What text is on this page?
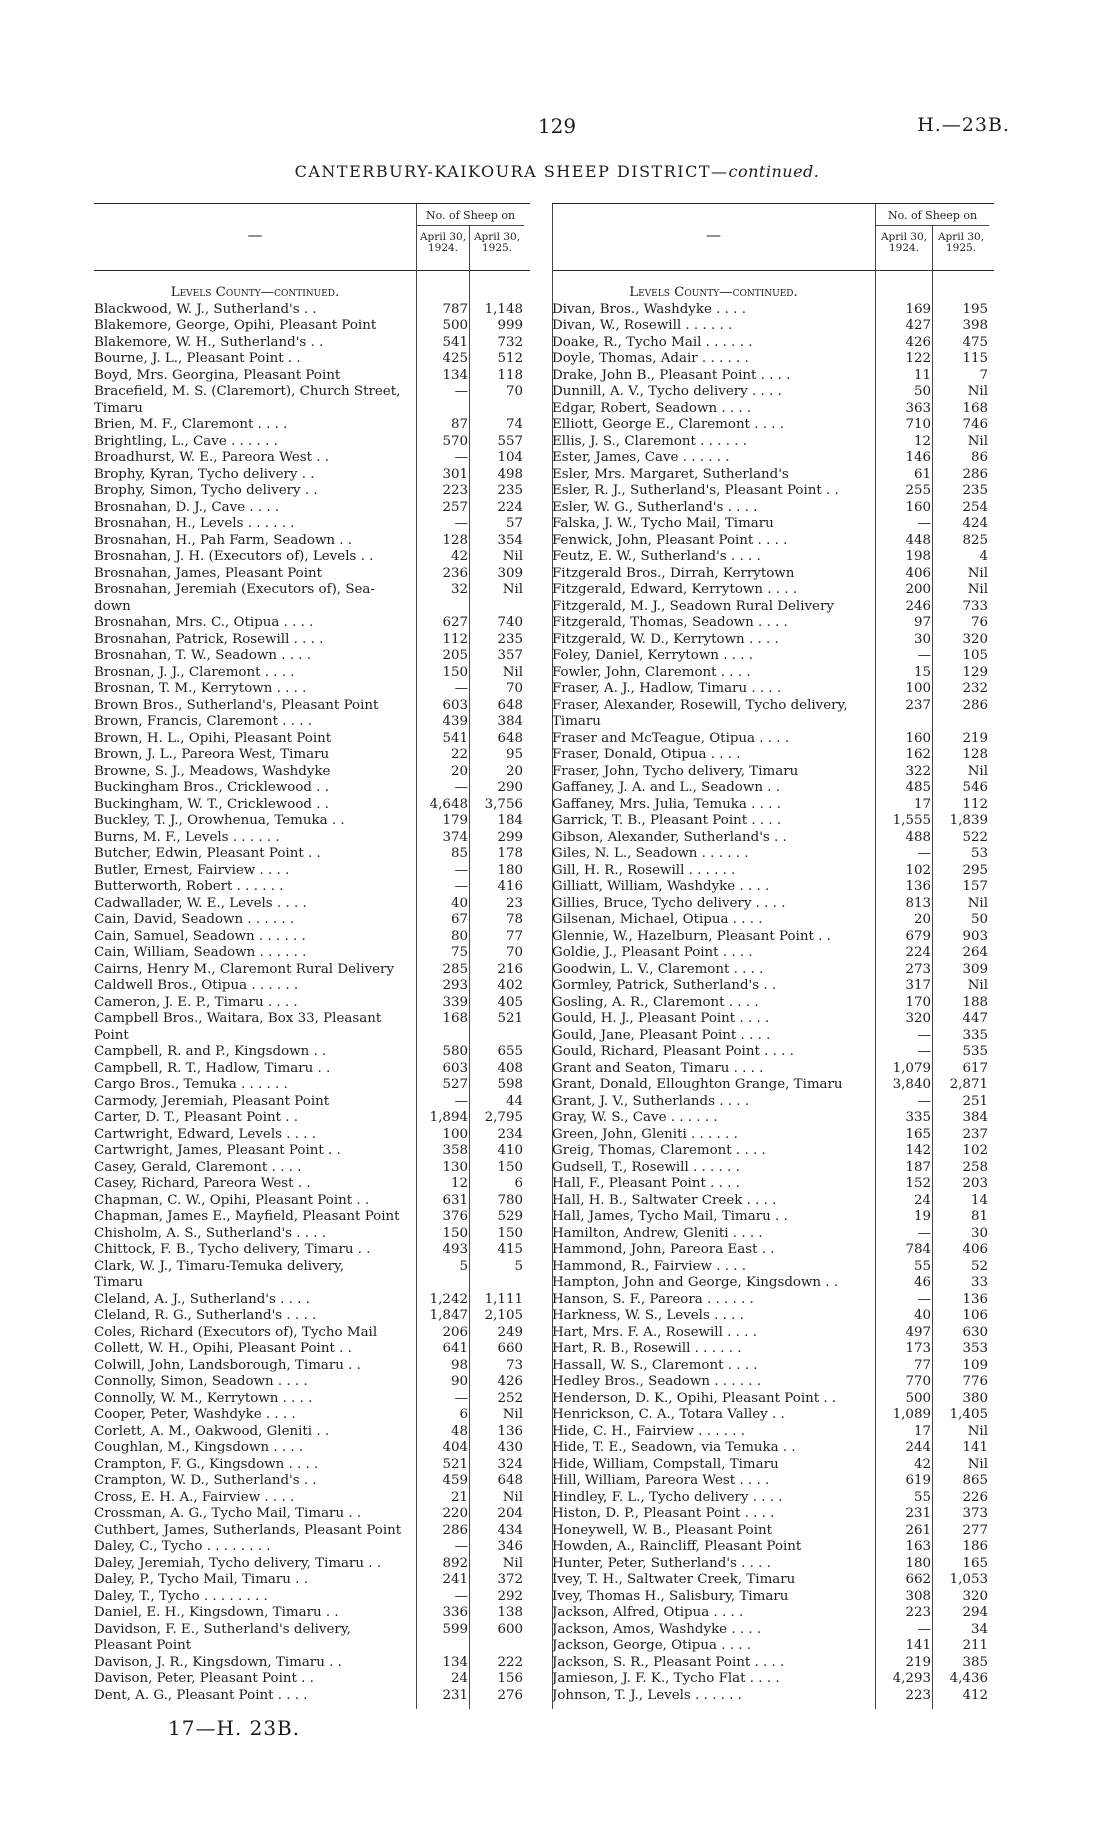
129	H.—23B.
CANTERBURY-KAIKOURA SHEEP DISTRICT—continued.
—
No. of Sheep on
April 30, 1924.
April 30, 1925.
Levels County—continued.
Blackwood, W. J., Sutherland's . .	787	1,148
Blakemore, George, Opihi, Pleasant Point	500	999
Blakemore, W. H., Sutherland's . .	541	732
Bourne, J. L., Pleasant Point . .	425	512
Boyd, Mrs. Georgina, Pleasant Point	134	118
Bracefield, M. S. (Claremort), Church Street,	—	70
Timaru
Brien, M. F., Claremont . . . .	87	74
Brightling, L., Cave . . . . . .	570	557
Broadhurst, W. E., Pareora West . .	—	104
Brophy, Kyran, Tycho delivery . .	301	498
Brophy, Simon, Tycho delivery . .	223	235
Brosnahan, D. J., Cave . . . .	257	224
Brosnahan, H., Levels . . . . . .	—	57
Brosnahan, H., Pah Farm, Seadown . .	128	354
Brosnahan, J. H. (Executors of), Levels . .	42	Nil
Brosnahan, James, Pleasant Point	236	309
Brosnahan, Jeremiah (Executors of), Sea-	32	Nil
down
Brosnahan, Mrs. C., Otipua . . . .	627	740
Brosnahan, Patrick, Rosewill . . . .	112	235
Brosnahan, T. W., Seadown . . . .	205	357
Brosnan, J. J., Claremont . . . .	150	Nil
Brosnan, T. M., Kerrytown . . . .	—	70
Brown Bros., Sutherland's, Pleasant Point	603	648
Brown, Francis, Claremont . . . .	439	384
Brown, H. L., Opihi, Pleasant Point	541	648
Brown, J. L., Pareora West, Timaru	22	95
Browne, S. J., Meadows, Washdyke	20	20
Buckingham Bros., Cricklewood . .	—	290
Buckingham, W. T., Cricklewood . .	4,648	3,756
Buckley, T. J., Orowhenua, Temuka . .	179	184
Burns, M. F., Levels . . . . . .	374	299
Butcher, Edwin, Pleasant Point . .	85	178
Butler, Ernest, Fairview . . . .	—	180
Butterworth, Robert . . . . . .	—	416
Cadwallader, W. E., Levels . . . .	40	23
Cain, David, Seadown . . . . . .	67	78
Cain, Samuel, Seadown . . . . . .	80	77
Cain, William, Seadown . . . . . .	75	70
Cairns, Henry M., Claremont Rural Delivery	285	216
Caldwell Bros., Otipua . . . . . .	293	402
Cameron, J. E. P., Timaru . . . .	339	405
Campbell Bros., Waitara, Box 33, Pleasant	168	521
Point
Campbell, R. and P., Kingsdown . .	580	655
Campbell, R. T., Hadlow, Timaru . .	603	408
Cargo Bros., Temuka . . . . . .	527	598
Carmody, Jeremiah, Pleasant Point	—	44
Carter, D. T., Pleasant Point . .	1,894	2,795
Cartwright, Edward, Levels . . . .	100	234
Cartwright, James, Pleasant Point . .	358	410
Casey, Gerald, Claremont . . . .	130	150
Casey, Richard, Pareora West . .	12	6
Chapman, C. W., Opihi, Pleasant Point . .	631	780
Chapman, James E., Mayfield, Pleasant Point	376	529
Chisholm, A. S., Sutherland's . . . .	150	150
Chittock, F. B., Tycho delivery, Timaru . .	493	415
Clark, W. J., Timaru-Temuka delivery,	5	5
Timaru
Cleland, A. J., Sutherland's . . . .	1,242	1,111
Cleland, R. G., Sutherland's . . . .	1,847	2,105
Coles, Richard (Executors of), Tycho Mail	206	249
Collett, W. H., Opihi, Pleasant Point . .	641	660
Colwill, John, Landsborough, Timaru . .	98	73
Connolly, Simon, Seadown . . . .	90	426
Connolly, W. M., Kerrytown . . . .	—	252
Cooper, Peter, Washdyke . . . .	6	Nil
Corlett, A. M., Oakwood, Gleniti . .	48	136
Coughlan, M., Kingsdown . . . .	404	430
Crampton, F. G., Kingsdown . . . .	521	324
Crampton, W. D., Sutherland's . .	459	648
Cross, E. H. A., Fairview . . . .	21	Nil
Crossman, A. G., Tycho Mail, Timaru . .	220	204
Cuthbert, James, Sutherlands, Pleasant Point	286	434
Daley, C., Tycho . . . . . . . .	—	346
Daley, Jeremiah, Tycho delivery, Timaru . .	892	Nil
Daley, P., Tycho Mail, Timaru . .	241	372
Daley, T., Tycho . . . . . . . .	—	292
Daniel, E. H., Kingsdown, Timaru . .	336	138
Davidson, F. E., Sutherland's delivery,	599	600
Pleasant Point
Davison, J. R., Kingsdown, Timaru . .	134	222
Davison, Peter, Pleasant Point . .	24	156
Dent, A. G., Pleasant Point . . . .	231	276
—
No. of Sheep on
April 30, 1924.
April 30, 1925.
Levels County—continued.
Divan, Bros., Washdyke . . . .	169	195
Divan, W., Rosewill . . . . . .	427	398
Doake, R., Tycho Mail . . . . . .	426	475
Doyle, Thomas, Adair . . . . . .	122	115
Drake, John B., Pleasant Point . . . .	11	7
Dunnill, A. V., Tycho delivery . . . .	50	Nil
Edgar, Robert, Seadown . . . .	363	168
Elliott, George E., Claremont . . . .	710	746
Ellis, J. S., Claremont . . . . . .	12	Nil
Ester, James, Cave . . . . . .	146	86
Esler, Mrs. Margaret, Sutherland's	61	286
Esler, R. J., Sutherland's, Pleasant Point . .	255	235
Esler, W. G., Sutherland's . . . .	160	254
Falska, J. W., Tycho Mail, Timaru	—	424
Fenwick, John, Pleasant Point . . . .	448	825
Feutz, E. W., Sutherland's . . . .	198	4
Fitzgerald Bros., Dirrah, Kerrytown	406	Nil
Fitzgerald, Edward, Kerrytown . . . .	200	Nil
Fitzgerald, M. J., Seadown Rural Delivery	246	733
Fitzgerald, Thomas, Seadown . . . .	97	76
Fitzgerald, W. D., Kerrytown . . . .	30	320
Foley, Daniel, Kerrytown . . . .	—	105
Fowler, John, Claremont . . . .	15	129
Fraser, A. J., Hadlow, Timaru . . . .	100	232
Fraser, Alexander, Rosewill, Tycho delivery,	237	286
Timaru
Fraser and McTeague, Otipua . . . .	160	219
Fraser, Donald, Otipua . . . .	162	128
Fraser, John, Tycho delivery, Timaru	322	Nil
Gaffaney, J. A. and L., Seadown . .	485	546
Gaffaney, Mrs. Julia, Temuka . . . .	17	112
Garrick, T. B., Pleasant Point . . . .	1,555	1,839
Gibson, Alexander, Sutherland's . .	488	522
Giles, N. L., Seadown . . . . . .	—	53
Gill, H. R., Rosewill . . . . . .	102	295
Gilliatt, William, Washdyke . . . .	136	157
Gillies, Bruce, Tycho delivery . . . .	813	Nil
Gilsenan, Michael, Otipua . . . .	20	50
Glennie, W., Hazelburn, Pleasant Point . .	679	903
Goldie, J., Pleasant Point . . . .	224	264
Goodwin, L. V., Claremont . . . .	273	309
Gormley, Patrick, Sutherland's . .	317	Nil
Gosling, A. R., Claremont . . . .	170	188
Gould, H. J., Pleasant Point . . . .	320	447
Gould, Jane, Pleasant Point . . . .	—	335
Gould, Richard, Pleasant Point . . . .	—	535
Grant and Seaton, Timaru . . . .	1,079	617
Grant, Donald, Elloughton Grange, Timaru	3,840	2,871
Grant, J. V., Sutherlands . . . .	—	251
Gray, W. S., Cave . . . . . .	335	384
Green, John, Gleniti . . . . . .	165	237
Greig, Thomas, Claremont . . . .	142	102
Gudsell, T., Rosewill . . . . . .	187	258
Hall, F., Pleasant Point . . . .	152	203
Hall, H. B., Saltwater Creek . . . .	24	14
Hall, James, Tycho Mail, Timaru . .	19	81
Hamilton, Andrew, Gleniti . . . .	—	30
Hammond, John, Pareora East . .	784	406
Hammond, R., Fairview . . . .	55	52
Hampton, John and George, Kingsdown . .	46	33
Hanson, S. F., Pareora . . . . . .	—	136
Harkness, W. S., Levels . . . .	40	106
Hart, Mrs. F. A., Rosewill . . . .	497	630
Hart, R. B., Rosewill . . . . . .	173	353
Hassall, W. S., Claremont . . . .	77	109
Hedley Bros., Seadown . . . . . .	770	776
Henderson, D. K., Opihi, Pleasant Point . .	500	380
Henrickson, C. A., Totara Valley . .	1,089	1,405
Hide, C. H., Fairview . . . . . .	17	Nil
Hide, T. E., Seadown, via Temuka . .	244	141
Hide, William, Compstall, Timaru	42	Nil
Hill, William, Pareora West . . . .	619	865
Hindley, F. L., Tycho delivery . . . .	55	226
Histon, D. P., Pleasant Point . . . .	231	373
Honeywell, W. B., Pleasant Point	261	277
Howden, A., Raincliff, Pleasant Point	163	186
Hunter, Peter, Sutherland's . . . .	180	165
Ivey, T. H., Saltwater Creek, Timaru	662	1,053
Ivey, Thomas H., Salisbury, Timaru	308	320
Jackson, Alfred, Otipua . . . .	223	294
Jackson, Amos, Washdyke . . . .	—	34
Jackson, George, Otipua . . . .	141	211
Jackson, S. R., Pleasant Point . . . .	219	385
Jamieson, J. F. K., Tycho Flat . . . .	4,293	4,436
Johnson, T. J., Levels . . . . . .	223	412
17—H. 23B.
